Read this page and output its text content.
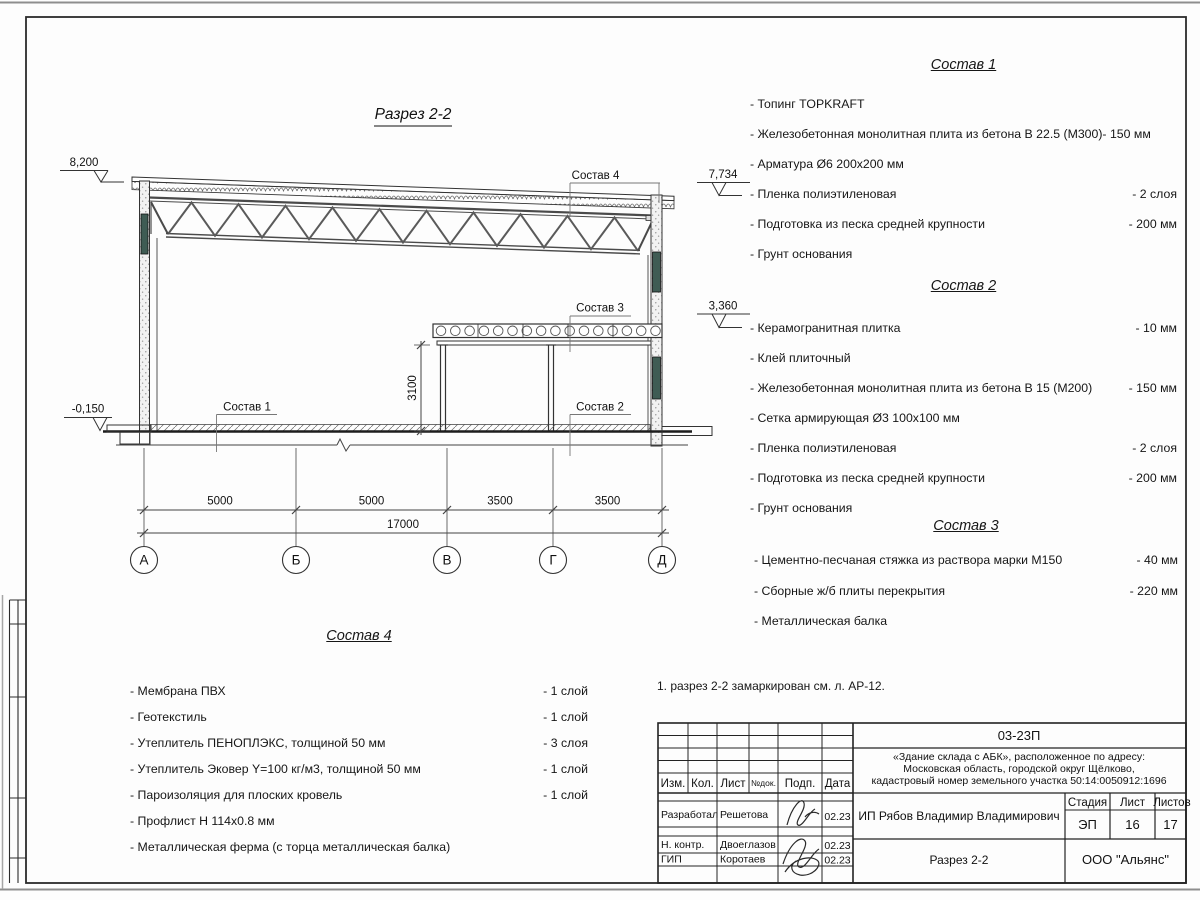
Разрез 2-2
Состав 4
Состав 3
Состав 2
Состав 1
8,200
7,734
3,360
-0,150
3100
5000	5000	3500	3500
17000
А	Б	В	Г	Д
03-23П
«Здание склада с АБК», расположенное по адресу:
Московская область, городской округ Щёлково,
кадастровый номер земельного участка 50:14:0050912:1696
Изм. Кол. Лист №док. Подп. Дата
Разработал Решетова	02.23
Н. контр. Двоеглазов	02.23
ГИП	Коротаев	02.23
ИП Рябов Владимир Владимирович
Стадия Лист Листов
ЭП 16 17
Разрез 2-2	ООО "Альянс"
Состав 1
- Топинг TOPKRAFT
- Железобетонная монолитная плита из бетона В 22.5 (М300)- 150 мм
- Арматура Ø6 200x200 мм
- Пленка полиэтиленовая	- 2 слоя
- Подготовка из песка средней крупности	- 200 мм
- Грунт основания
Состав 2
- Керамогранитная плитка	- 10 мм
- Клей плиточный
- Железобетонная монолитная плита из бетона В 15 (М200)	- 150 мм
- Сетка армирующая Ø3 100x100 мм
- Пленка полиэтиленовая	- 2 слоя
- Подготовка из песка средней крупности	- 200 мм
- Грунт основания
Состав 3
- Цементно-песчаная стяжка из раствора марки М150	- 40 мм
- Сборные ж/б плиты перекрытия	- 220 мм
- Металлическая балка
Состав 4
- Мембрана ПВХ	- 1 слой
- Геотекстиль	- 1 слой
- Утеплитель ПЕНОПЛЭКС, толщиной 50 мм	- 3 слоя
- Утеплитель Эковер Y=100 кг/м3, толщиной 50 мм	- 1 слой
- Пароизоляция для плоских кровель	- 1 слой
- Профлист Н 114x0.8 мм
- Металлическая ферма (с торца металлическая балка)
1. разрез 2-2 замаркирован см. л. АР-12.
